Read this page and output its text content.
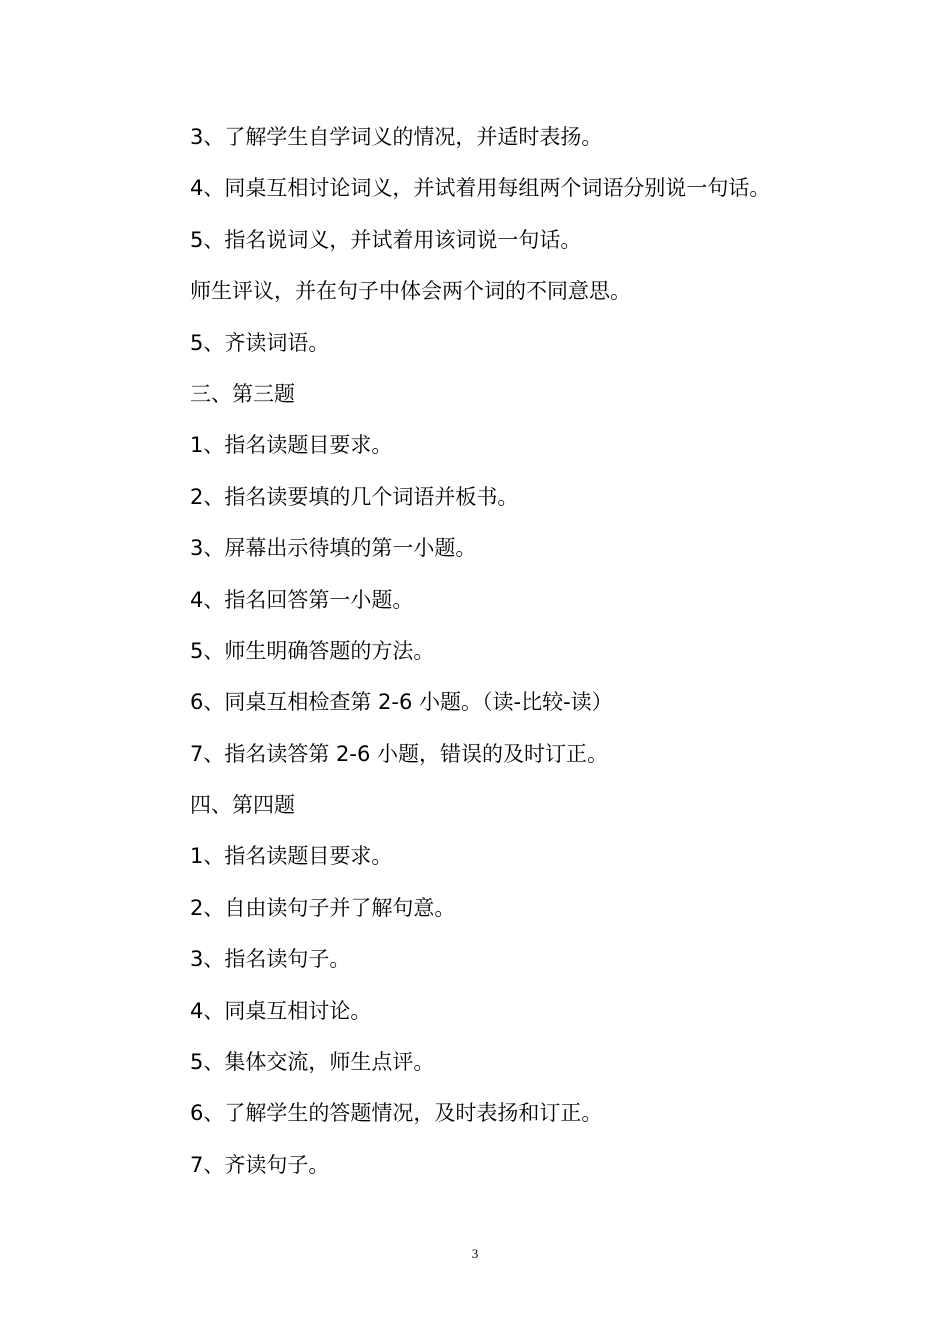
3、了解学生自学词义的情况，并适时表扬。
4、同桌互相讨论词义，并试着用每组两个词语分别说一句话。
5、指名说词义，并试着用该词说一句话。
师生评议，并在句子中体会两个词的不同意思。
5、齐读词语。
三、第三题
1、指名读题目要求。
2、指名读要填的几个词语并板书。
3、屏幕出示待填的第一小题。
4、指名回答第一小题。
5、师生明确答题的方法。
6、同桌互相检查第 2-6 小题。（读-比较-读）
7、指名读答第 2-6 小题，错误的及时订正。
四、第四题
1、指名读题目要求。
2、自由读句子并了解句意。
3、指名读句子。
4、同桌互相讨论。
5、集体交流，师生点评。
6、了解学生的答题情况，及时表扬和订正。
7、齐读句子。
3
